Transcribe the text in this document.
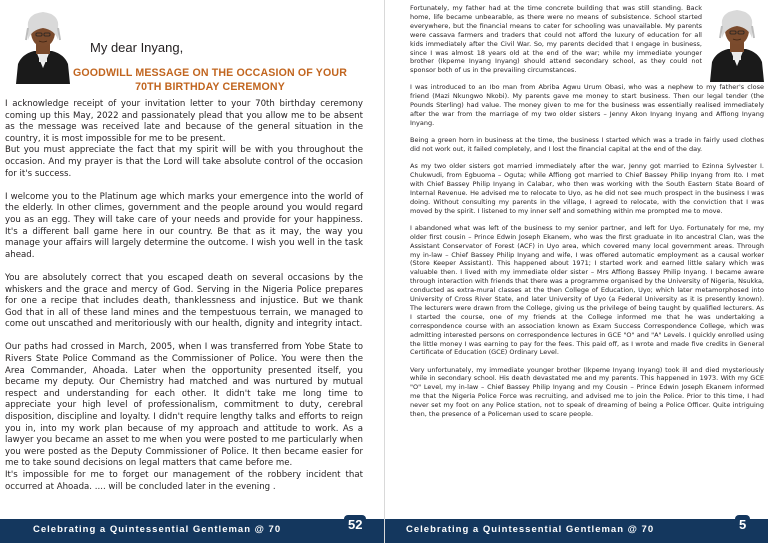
My dear Inyang,
GOODWILL MESSAGE ON THE OCCASION OF YOUR
70TH BIRTHDAY CEREMONY

I acknowledge receipt of your invitation letter to your 70th birthday ceremony coming up this May, 2022 and passionately plead that you allow me to be absent as the message was received late and because of the general situation in the country, it is most impossible for me to be present.

But you must appreciate the fact that my spirit will be with you throughout the occasion. And my prayer is that the Lord will take absolute control of the occasion for it's success.

I welcome you to the Platinum age which marks your emergence into the world of the elderly. In other climes, government and the people around you would regard you as an egg. They will take care of your needs and provide for your happiness. It's a different ball game here in our country. Be that as it may, the way you manage your affairs will largely determine the outcome. I wish you well in the task ahead.

You are absolutely correct that you escaped death on several occasions by the whiskers and the grace and mercy of God. Serving in the Nigeria Police prepares for one a recipe that includes death, thanklessness and injustice. But we thank God that in all of these land mines and the tempestuous terrain, we managed to come out unscathed and meritoriously with our health, dignity and integrity intact.

Our paths had crossed in March, 2005, when I was transferred from Yobe State to Rivers State Police Command as the Commissioner of Police. You were then the Area Commander, Ahoada. Later when the opportunity presented itself, you became my deputy. Our Chemistry had matched and was nurtured by mutual respect and understanding for each other. It didn't take me long time to appreciate your high level of professionalism, commitment to duty, cerebral disposition, discipline and loyalty. I didn't require lengthy talks and efforts to reign you in, into my work plan because of my approach and attitude to work. As a lawyer you became an asset to me when you were posted to me particularly when you were posted as the Deputy Commissioner of Police. It then became easier for me to take sound decisions on legal matters that came before me.

It's impossible for me to forget our management of the robbery incident that occurred at Ahoada. .... will be concluded later in the evening .

Celebrating a Quintessential Gentleman @ 70	52

Fortunately, my father had at the time concrete building that was still standing. Back home, life became unbearable, as there were no means of subsistence. School started everywhere, but the financial means to cater for schooling was unavailable. My parents were cassava farmers and traders that could not afford the luxury of education for all kids immediately after the Civil War. So, my parents decided that I engage in business, since I was almost 18 years old at the end of the war; while my immediate younger brother (Ikpeme Inyang Inyang) should attend secondary school, as they could not sponsor both of us in the prevailing circumstances.

I was introduced to an Ibo man from Abriba Agwu Urum Obasi, who was a nephew to my father's close friend (Mazi Nkungwo Nkobi). My parents gave me money to start business. Then our legal tender (the Pounds Sterling) had value. The money given to me for the business was essentially realised immediately after the war from the marriage of my two older sisters – Jenny Akon Inyang Inyang and Affiong Inyang Inyang.

Being a green horn in business at the time, the business I started which was a trade in fairly used clothes did not work out, it failed completely, and I lost the financial capital at the end of the day.

As my two older sisters got married immediately after the war, Jenny got married to Ezinna Sylvester I. Chukwudi, from Egbuoma – Oguta; while Affiong got married to Chief Bassey Philip Inyang from Ito. I met with Chief Bassey Philip Inyang in Calabar, who then was working with the South Eastern State Board of Internal Revenue. He advised me to relocate to Uyo, as he did not see much prospect in the business I was doing. Without consulting my parents in the village, I agreed to relocate, with the conviction that I was moved by the spirit. I listened to my inner self and something within me prompted me to move.

I abandoned what was left of the business to my senior partner, and left for Uyo. Fortunately for me, my older first cousin – Prince Edwin Joseph Ekanem, who was the first graduate in Ito ancestral Clan, was the Assistant Conservator of Forest (ACF) in Uyo area, which covered many local government areas. Through my in-law – Chief Bassey Philip Inyang and wife, I was offered automatic employment as a causal worker (Store Keeper Assistant). This happened about 1971; I started work and earned little salary which was valuable then. I lived with my immediate older sister – Mrs Affiong Bassey Philip Inyang. I became aware through interaction with friends that there was a programme organised by the University of Nigeria, Nsukka, conducted as extra-mural classes at the then College of Education, Uyo; which later metamorphosed into University of Cross River State, and later University of Uyo (a Federal University as it is presently known). The lecturers were drawn from the College, giving us the privilege of being taught by qualified lecturers. As I started the course, one of my friends at the College informed me that he was undertaking a correspondence course with an association known as Exam Success Correspondence College, which was admitting interested persons on correspondence lectures in GCE "O" and "A" Levels. I quickly enrolled using the little money I was earning to pay for the fees. This paid off, as I wrote and made five credits in General Certificate of Education (GCE) Ordinary Level.

Very unfortunately, my immediate younger brother (Ikpeme Inyang Inyang) took ill and died mysteriously while in secondary school. His death devastated me and my parents. This happened in 1973. With my GCE "O" Level, my in-law – Chief Bassey Philip Inyang and my Cousin – Prince Edwin Joseph Ekanem informed me that the Nigeria Police Force was recruiting, and advised me to join the Police. Prior to this time, I had never set my foot on any Police station, not to speak of dreaming of being a Police Officer. Quite intriguing then, the presence of a Policeman used to scare people.

Celebrating a Quintessential Gentleman @ 70	5
